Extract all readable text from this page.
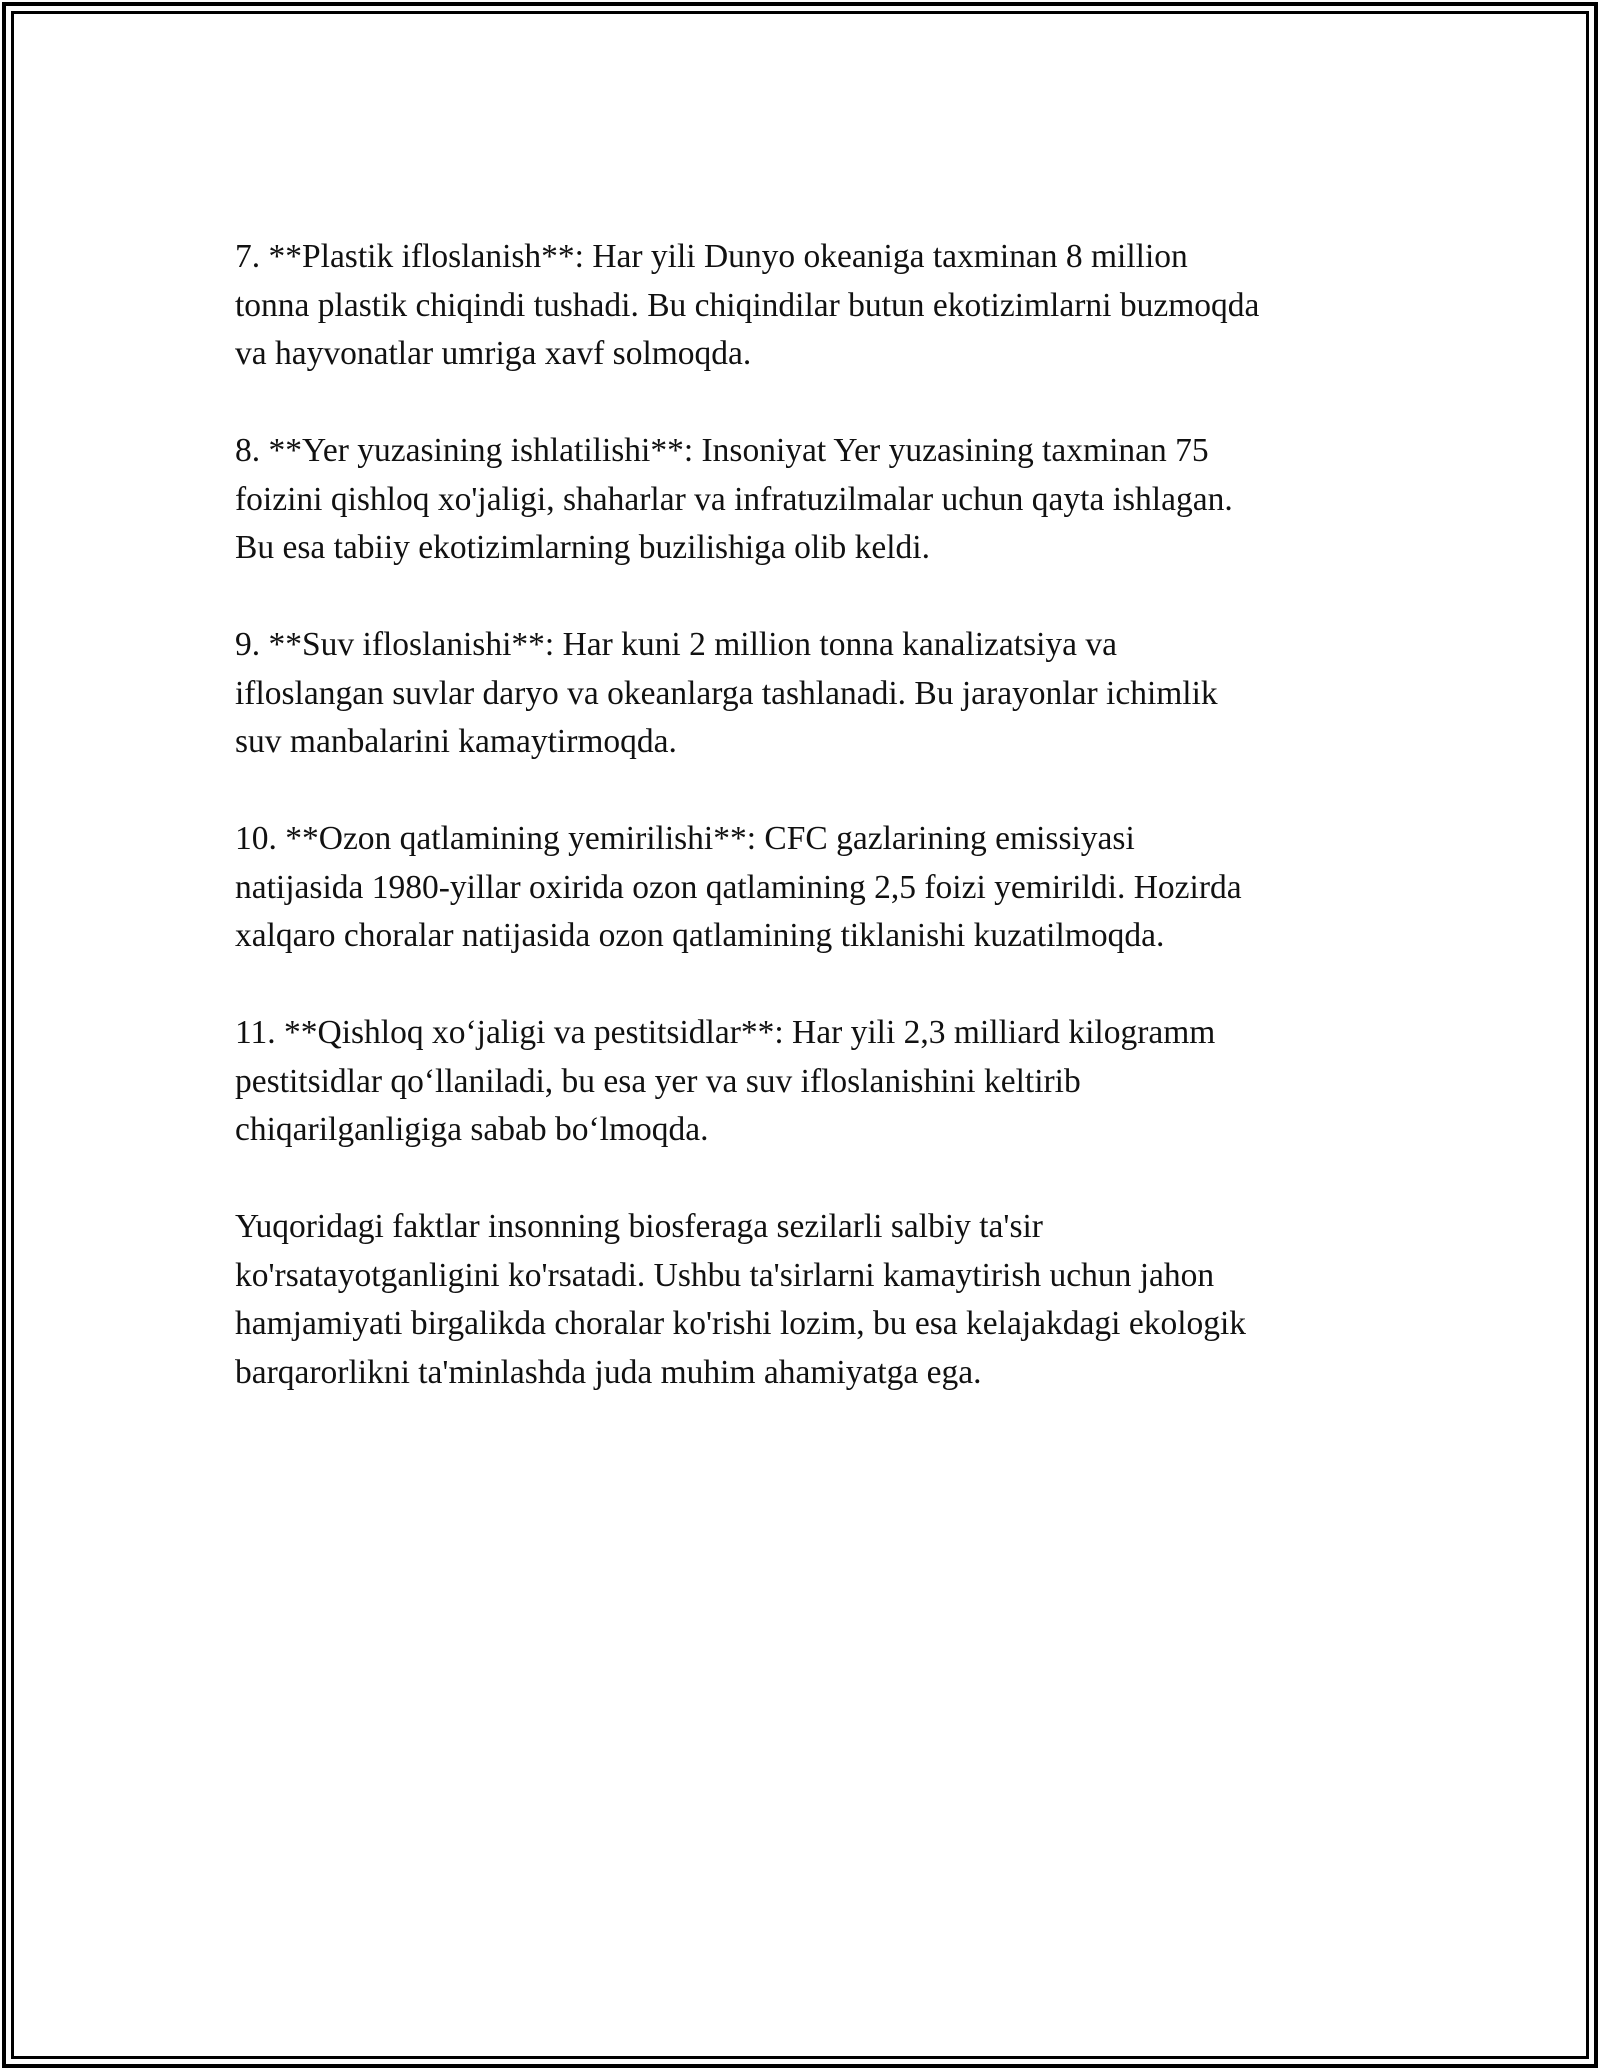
7. **Plastik ifloslanish**: Har yili Dunyo okeaniga taxminan 8 million
tonna plastik chiqindi tushadi. Bu chiqindilar butun ekotizimlarni buzmoqda
va hayvonatlar umriga xavf solmoqda.

8. **Yer yuzasining ishlatilishi**: Insoniyat Yer yuzasining taxminan 75
foizini qishloq xo'jaligi, shaharlar va infratuzilmalar uchun qayta ishlagan.
Bu esa tabiiy ekotizimlarning buzilishiga olib keldi.

9. **Suv ifloslanishi**: Har kuni 2 million tonna kanalizatsiya va
ifloslangan suvlar daryo va okeanlarga tashlanadi. Bu jarayonlar ichimlik
suv manbalarini kamaytirmoqda.

10. **Ozon qatlamining yemirilishi**: CFC gazlarining emissiyasi
natijasida 1980-yillar oxirida ozon qatlamining 2,5 foizi yemirildi. Hozirda
xalqaro choralar natijasida ozon qatlamining tiklanishi kuzatilmoqda.

11. **Qishloq xo‘jaligi va pestitsidlar**: Har yili 2,3 milliard kilogramm
pestitsidlar qo‘llaniladi, bu esa yer va suv ifloslanishini keltirib
chiqarilganligiga sabab bo‘lmoqda.

Yuqoridagi faktlar insonning biosferaga sezilarli salbiy ta'sir
ko'rsatayotganligini ko'rsatadi. Ushbu ta'sirlarni kamaytirish uchun jahon
hamjamiyati birgalikda choralar ko'rishi lozim, bu esa kelajakdagi ekologik
barqarorlikni ta'minlashda juda muhim ahamiyatga ega.
